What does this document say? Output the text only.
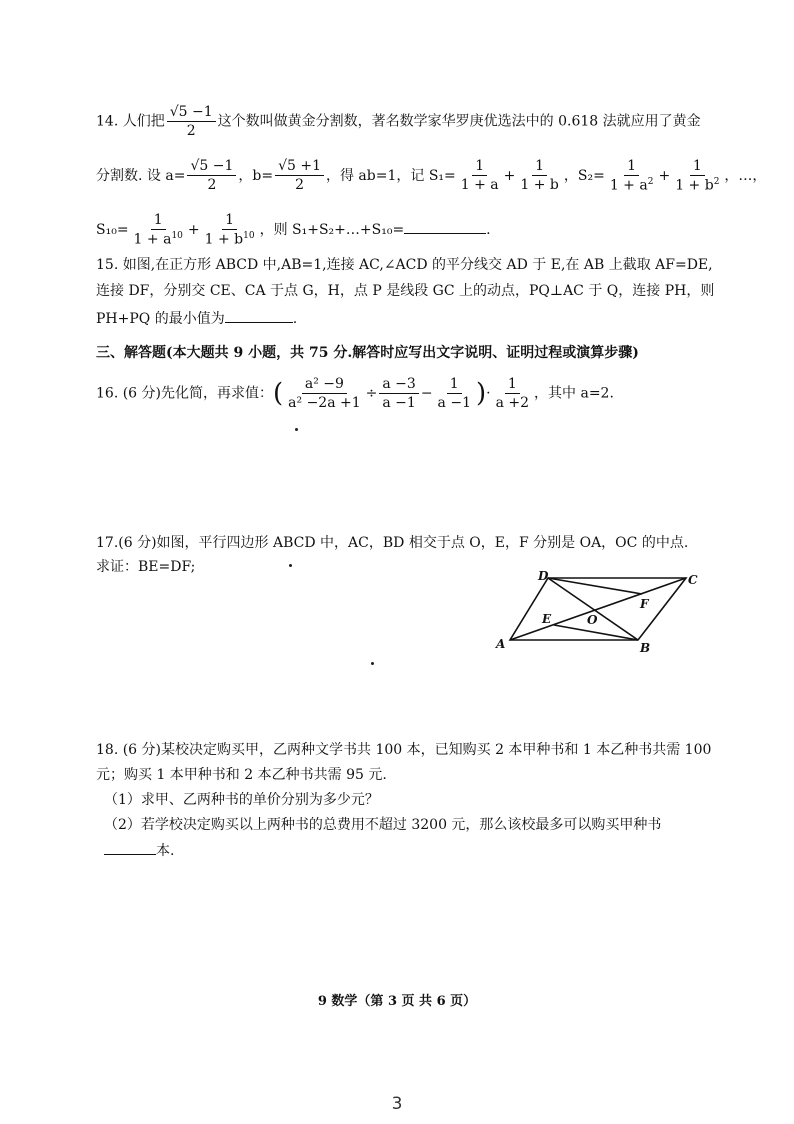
14. 人们把 $\frac{√5 -1}{2}$ 这个数叫做黄金分割数，著名数学家华罗庚优选法中的 0.618 法就应用了黄金
分割数. 设 $a= \frac{√5 -1}{2}$ ，$b= \frac{√5 +1}{2}$ ，得 ab=1，记 $S_1= \frac{1}{1 + a} + \frac{1}{1 + b}$ ，$S_2= \frac{1}{1 + a^2} + \frac{1}{1 + b^2}$ ，…，
$S_{10}= \frac{1}{1 + a^{10}} + \frac{1}{1 + b^{10}}$ ，则 S₁+S₂+…+S₁₀=	.
15. 如图,在正方形 ABCD 中,AB=1,连接 AC,∠ACD 的平分线交 AD 于 E,在 AB 上截取 AF=DE,
连接 DF，分别交 CE、CA 于点 G，H，点 P 是线段 GC 上的动点，PQ⊥AC 于 Q，连接 PH，则
PH+PQ 的最小值为	.
三、解答题(本大题共 9 小题，共 75 分.解答时应写出文字说明、证明过程或演算步骤)
16. (6 分)先化简，再求值：( $\frac{\text{a² −9}}{\text{a² −2a +1}} \div \frac{a -3}{a -1} - \frac{1}{a -1}$ )· $\frac{1}{a +2}$ ，其中 a=2.
17.(6 分)如图，平行四边形 ABCD 中，AC，BD 相交于点 O，E，F 分别是 OA，OC 的中点.
求证：BE=DF;
A	B
C
D
E
F
O
18. (6 分)某校决定购买甲，乙两种文学书共 100 本，已知购买 2 本甲种书和 1 本乙种书共需 100
元；购买 1 本甲种书和 2 本乙种书共需 95 元.
（1）求甲、乙两种书的单价分别为多少元？
（2）若学校决定购买以上两种书的总费用不超过 3200 元，那么该校最多可以购买甲种书
本.
9 数学（第 3 页 共 6 页）
3
